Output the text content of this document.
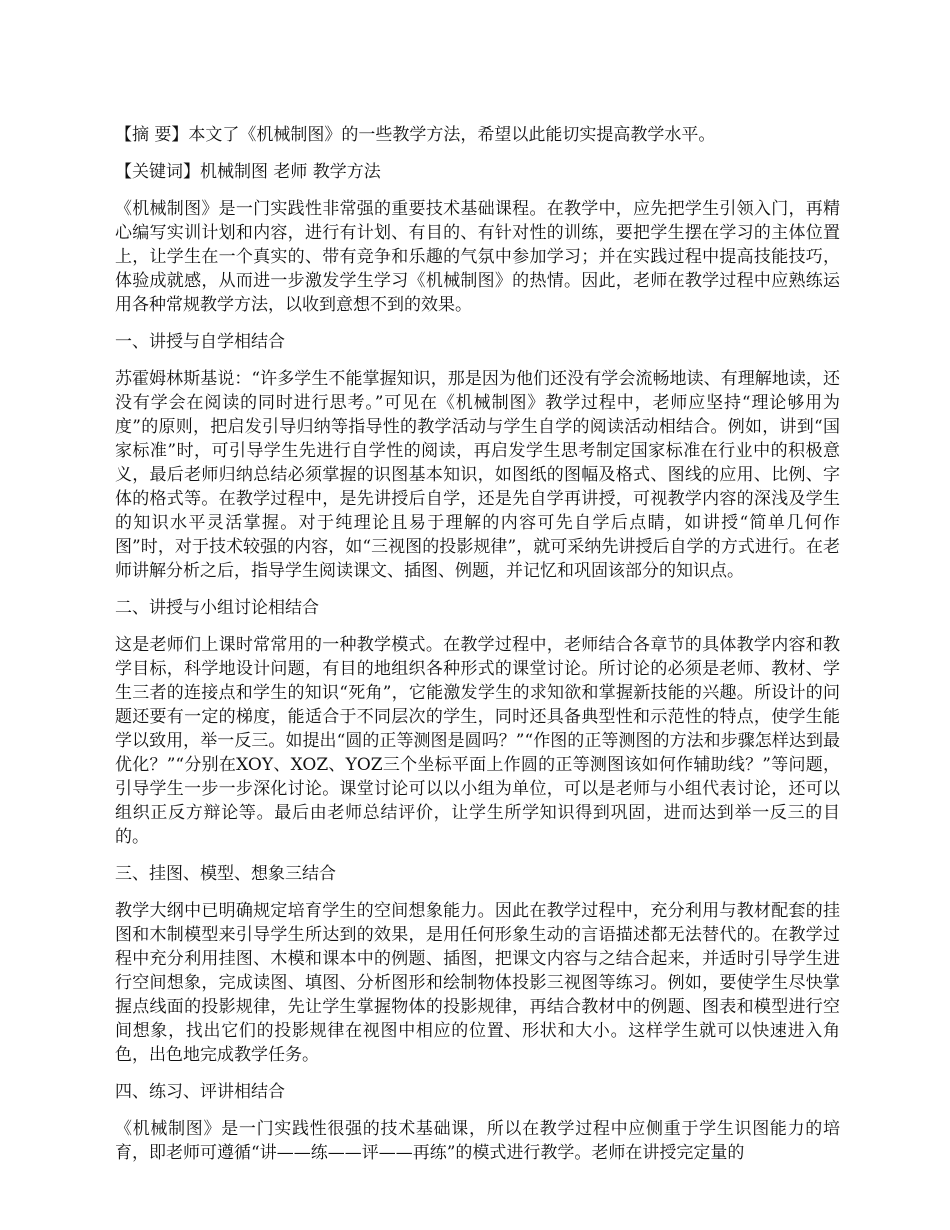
【摘 要】本文了《机械制图》的一些教学方法，希望以此能切实提高教学水平。

【关键词】机械制图 老师 教学方法

《机械制图》是一门实践性非常强的重要技术基础课程。在教学中，应先把学生引领入门，再精心编写实训计划和内容，进行有计划、有目的、有针对性的训练，要把学生摆在学习的主体位置上，让学生在一个真实的、带有竞争和乐趣的气氛中参加学习；并在实践过程中提高技能技巧，体验成就感，从而进一步激发学生学习《机械制图》的热情。因此，老师在教学过程中应熟练运用各种常规教学方法，以收到意想不到的效果。

一、讲授与自学相结合

苏霍姆林斯基说：“许多学生不能掌握知识，那是因为他们还没有学会流畅地读、有理解地读，还没有学会在阅读的同时进行思考。”可见在《机械制图》教学过程中，老师应坚持“理论够用为度”的原则，把启发引导归纳等指导性的教学活动与学生自学的阅读活动相结合。例如，讲到“国家标准”时，可引导学生先进行自学性的阅读，再启发学生思考制定国家标准在行业中的积极意义，最后老师归纳总结必须掌握的识图基本知识，如图纸的图幅及格式、图线的应用、比例、字体的格式等。在教学过程中，是先讲授后自学，还是先自学再讲授，可视教学内容的深浅及学生的知识水平灵活掌握。对于纯理论且易于理解的内容可先自学后点睛，如讲授“简单几何作图”时，对于技术较强的内容，如“三视图的投影规律”，就可采纳先讲授后自学的方式进行。在老师讲解分析之后，指导学生阅读课文、插图、例题，并记忆和巩固该部分的知识点。

二、讲授与小组讨论相结合

这是老师们上课时常常用的一种教学模式。在教学过程中，老师结合各章节的具体教学内容和教学目标，科学地设计问题，有目的地组织各种形式的课堂讨论。所讨论的必须是老师、教材、学生三者的连接点和学生的知识“死角”，它能激发学生的求知欲和掌握新技能的兴趣。所设计的问题还要有一定的梯度，能适合于不同层次的学生，同时还具备典型性和示范性的特点，使学生能学以致用，举一反三。如提出“圆的正等测图是圆吗？”“作图的正等测图的方法和步骤怎样达到最优化？”“分别在XOY、XOZ、YOZ三个坐标平面上作圆的正等测图该如何作辅助线？”等问题，引导学生一步一步深化讨论。课堂讨论可以以小组为单位，可以是老师与小组代表讨论，还可以组织正反方辩论等。最后由老师总结评价，让学生所学知识得到巩固，进而达到举一反三的目的。

三、挂图、模型、想象三结合

教学大纲中已明确规定培育学生的空间想象能力。因此在教学过程中，充分利用与教材配套的挂图和木制模型来引导学生所达到的效果，是用任何形象生动的言语描述都无法替代的。在教学过程中充分利用挂图、木模和课本中的例题、插图，把课文内容与之结合起来，并适时引导学生进行空间想象，完成读图、填图、分析图形和绘制物体投影三视图等练习。例如，要使学生尽快掌握点线面的投影规律，先让学生掌握物体的投影规律，再结合教材中的例题、图表和模型进行空间想象，找出它们的投影规律在视图中相应的位置、形状和大小。这样学生就可以快速进入角色，出色地完成教学任务。

四、练习、评讲相结合

《机械制图》是一门实践性很强的技术基础课，所以在教学过程中应侧重于学生识图能力的培育，即老师可遵循“讲——练——评——再练”的模式进行教学。老师在讲授完定量的
